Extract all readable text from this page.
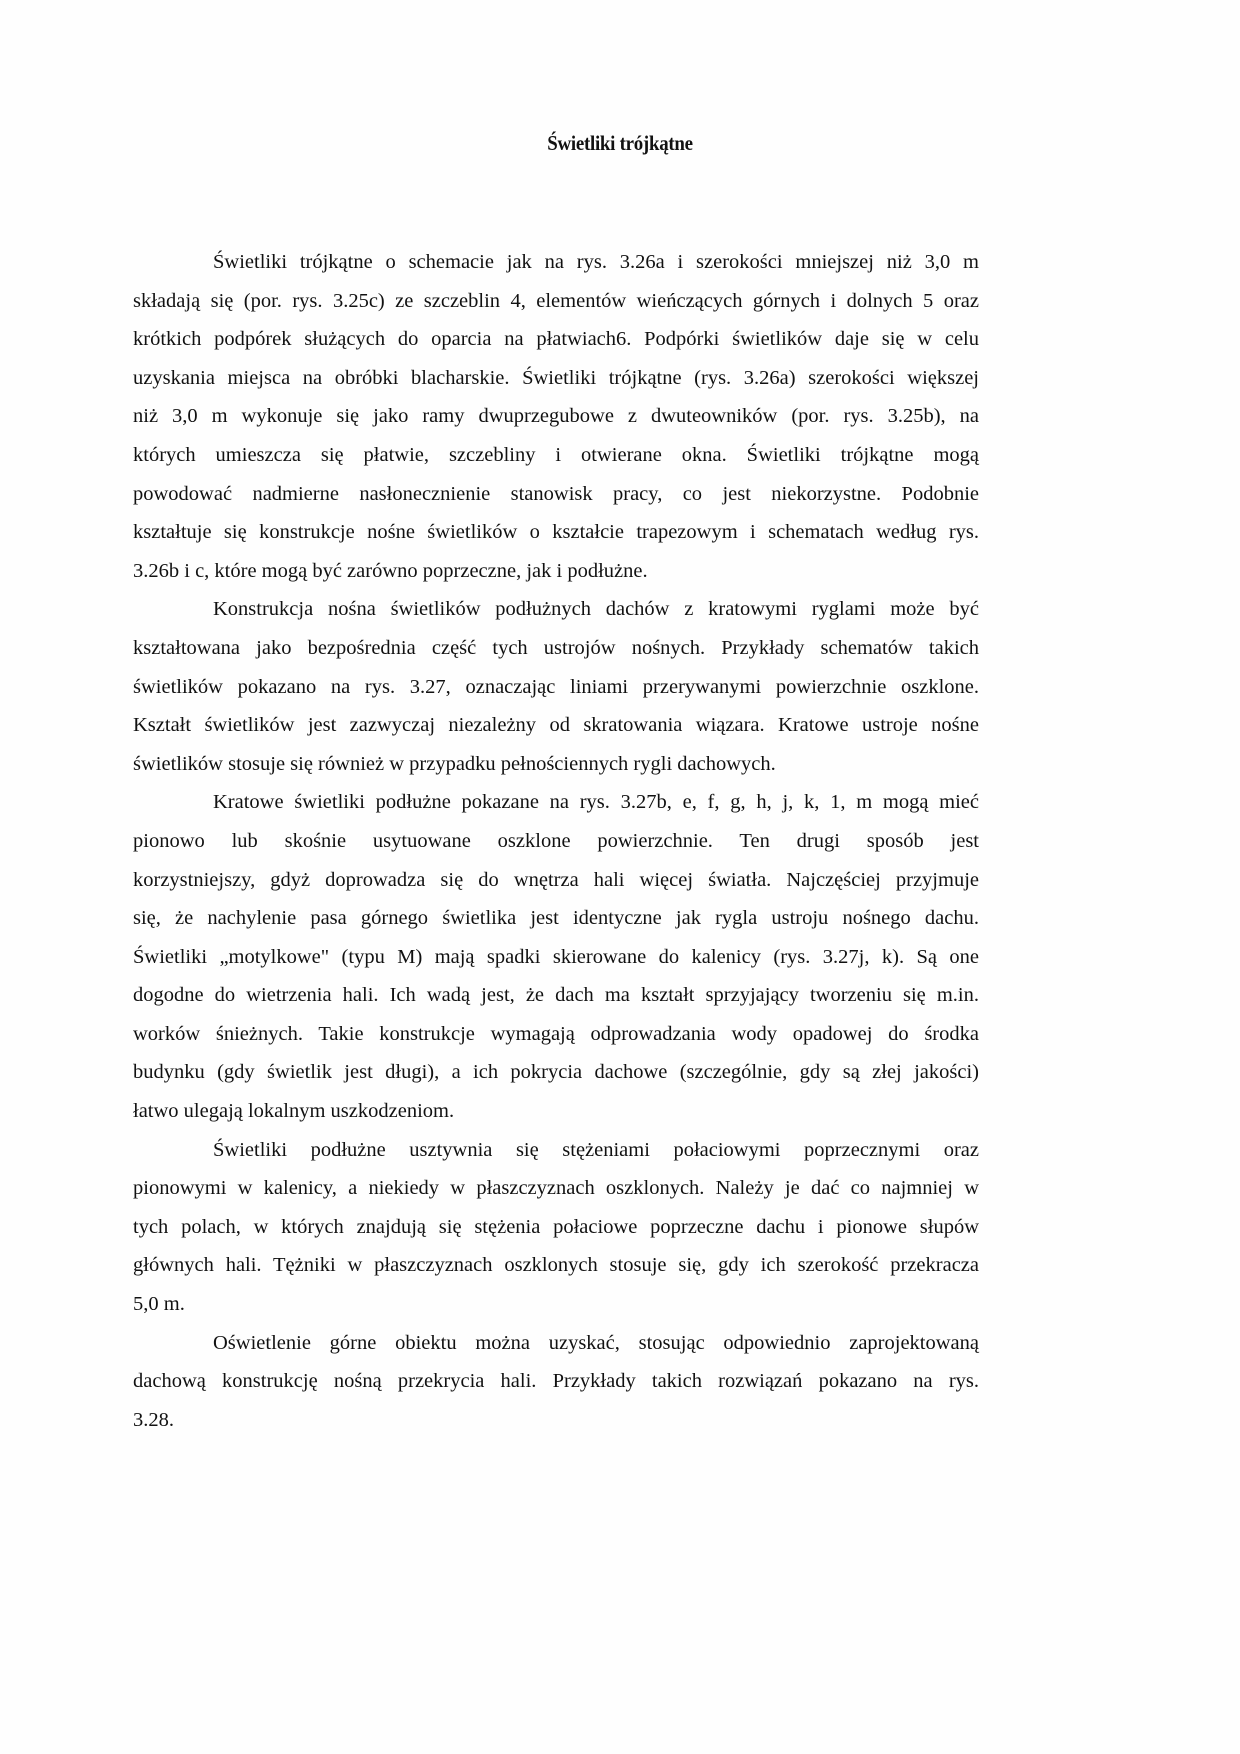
Świetliki trójkątne
Świetliki trójkątne o schemacie jak na rys. 3.26a i szerokości mniejszej niż 3,0 m
składają się (por. rys. 3.25c) ze szczeblin 4, elementów wieńczących górnych i dolnych 5 oraz
krótkich podpórek służących do oparcia na płatwiach6. Podpórki świetlików daje się w celu
uzyskania miejsca na obróbki blacharskie. Świetliki trójkątne (rys. 3.26a) szerokości większej
niż 3,0 m wykonuje się jako ramy dwuprzegubowe z dwuteowników (por. rys. 3.25b), na
których umieszcza się płatwie, szczebliny i otwierane okna. Świetliki trójkątne mogą
powodować nadmierne nasłonecznienie stanowisk pracy, co jest niekorzystne. Podobnie
kształtuje się konstrukcje nośne świetlików o kształcie trapezowym i schematach według rys.
3.26b i c, które mogą być zarówno poprzeczne, jak i podłużne.
Konstrukcja nośna świetlików podłużnych dachów z kratowymi ryglami może być
kształtowana jako bezpośrednia część tych ustrojów nośnych. Przykłady schematów takich
świetlików pokazano na rys. 3.27, oznaczając liniami przerywanymi powierzchnie oszklone.
Kształt świetlików jest zazwyczaj niezależny od skratowania wiązara. Kratowe ustroje nośne
świetlików stosuje się również w przypadku pełnościennych rygli dachowych.
Kratowe świetliki podłużne pokazane na rys. 3.27b, e, f, g, h, j, k, 1, m mogą mieć
pionowo lub skośnie usytuowane oszklone powierzchnie. Ten drugi sposób jest
korzystniejszy, gdyż doprowadza się do wnętrza hali więcej światła. Najczęściej przyjmuje
się, że nachylenie pasa górnego świetlika jest identyczne jak rygla ustroju nośnego dachu.
Świetliki „motylkowe" (typu M) mają spadki skierowane do kalenicy (rys. 3.27j, k). Są one
dogodne do wietrzenia hali. Ich wadą jest, że dach ma kształt sprzyjający tworzeniu się m.in.
worków śnieżnych. Takie konstrukcje wymagają odprowadzania wody opadowej do środka
budynku (gdy świetlik jest długi), a ich pokrycia dachowe (szczególnie, gdy są złej jakości)
łatwo ulegają lokalnym uszkodzeniom.
Świetliki podłużne usztywnia się stężeniami połaciowymi poprzecznymi oraz
pionowymi w kalenicy, a niekiedy w płaszczyznach oszklonych. Należy je dać co najmniej w
tych polach, w których znajdują się stężenia połaciowe poprzeczne dachu i pionowe słupów
głównych hali. Tężniki w płaszczyznach oszklonych stosuje się, gdy ich szerokość przekracza
5,0 m.
Oświetlenie górne obiektu można uzyskać, stosując odpowiednio zaprojektowaną
dachową konstrukcję nośną przekrycia hali. Przykłady takich rozwiązań pokazano na rys.
3.28.
